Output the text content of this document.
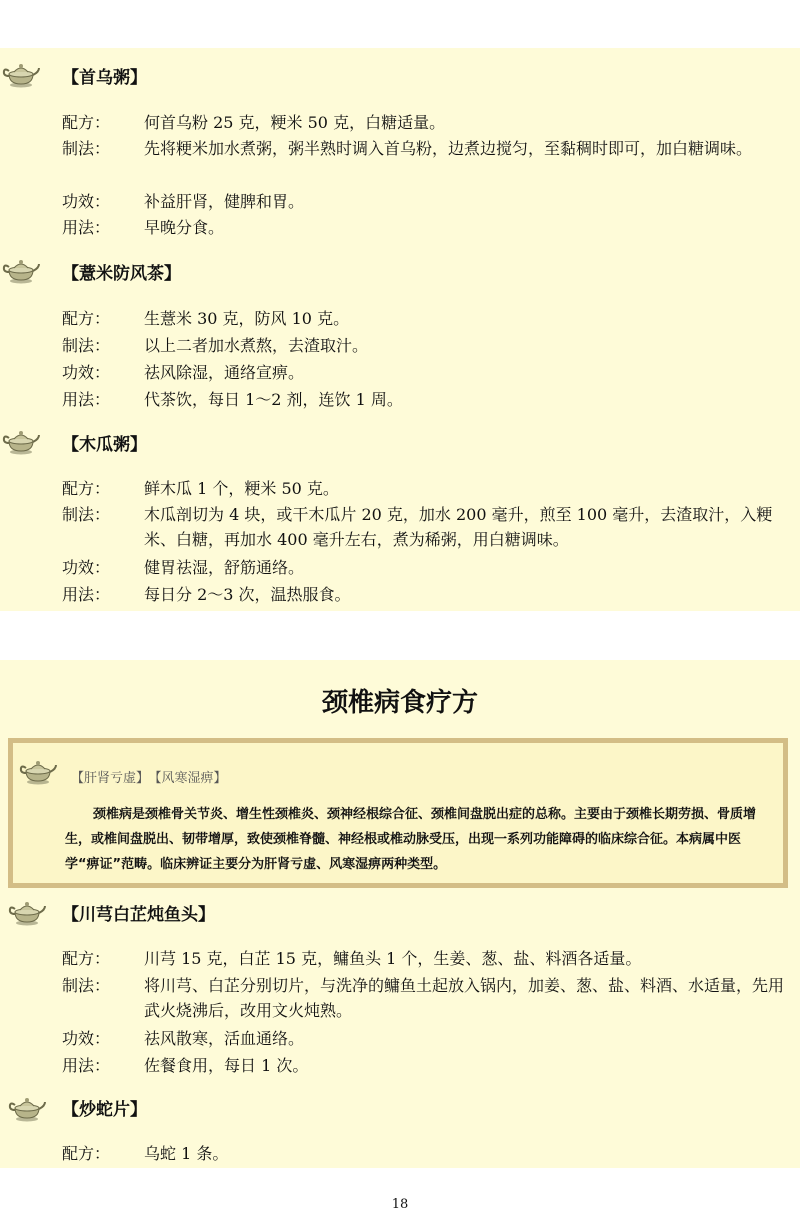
【首乌粥】
配方： 何首乌粉 25 克，粳米 50 克，白糖适量。
制法： 先将粳米加水煮粥，粥半熟时调入首乌粉，边煮边搅匀，至黏稠时即可，加白糖调味。
功效： 补益肝肾，健脾和胃。
用法： 早晚分食。
【薏米防风茶】
配方： 生薏米 30 克，防风 10 克。
制法： 以上二者加水煮熬，去渣取汁。
功效： 祛风除湿，通络宣痹。
用法： 代茶饮，每日 1～2 剂，连饮 1 周。
【木瓜粥】
配方： 鲜木瓜 1 个，粳米 50 克。
制法： 木瓜剖切为 4 块，或干木瓜片 20 克，加水 200 毫升，煎至 100 毫升，去渣取汁，入粳米、白糖，再加水 400 毫升左右，煮为稀粥，用白糖调味。
功效： 健胃祛湿，舒筋通络。
用法： 每日分 2～3 次，温热服食。
颈椎病食疗方
【肝肾亏虚】 【风寒湿痹】
颈椎病是颈椎骨关节炎、增生性颈椎炎、颈神经根综合征、颈椎间盘脱出症的总称。主要由于颈椎长期劳损、骨质增生，或椎间盘脱出、韧带增厚，致使颈椎脊髓、神经根或椎动脉受压，出现一系列功能障碍的临床综合征。本病属中医学“痹证”范畴。临床辨证主要分为肝肾亏虚、风寒湿痹两种类型。
【川芎白芷炖鱼头】
配方： 川芎 15 克，白芷 15 克，鳙鱼头 1 个，生姜、葱、盐、料酒各适量。
制法： 将川芎、白芷分别切片，与洗净的鳙鱼土起放入锅内，加姜、葱、盐、料酒、水适量，先用武火烧沸后，改用文火炖熟。
功效： 祛风散寒，活血通络。
用法： 佐餐食用，每日 1 次。
【炒蛇片】
配方： 乌蛇 1 条。
18
